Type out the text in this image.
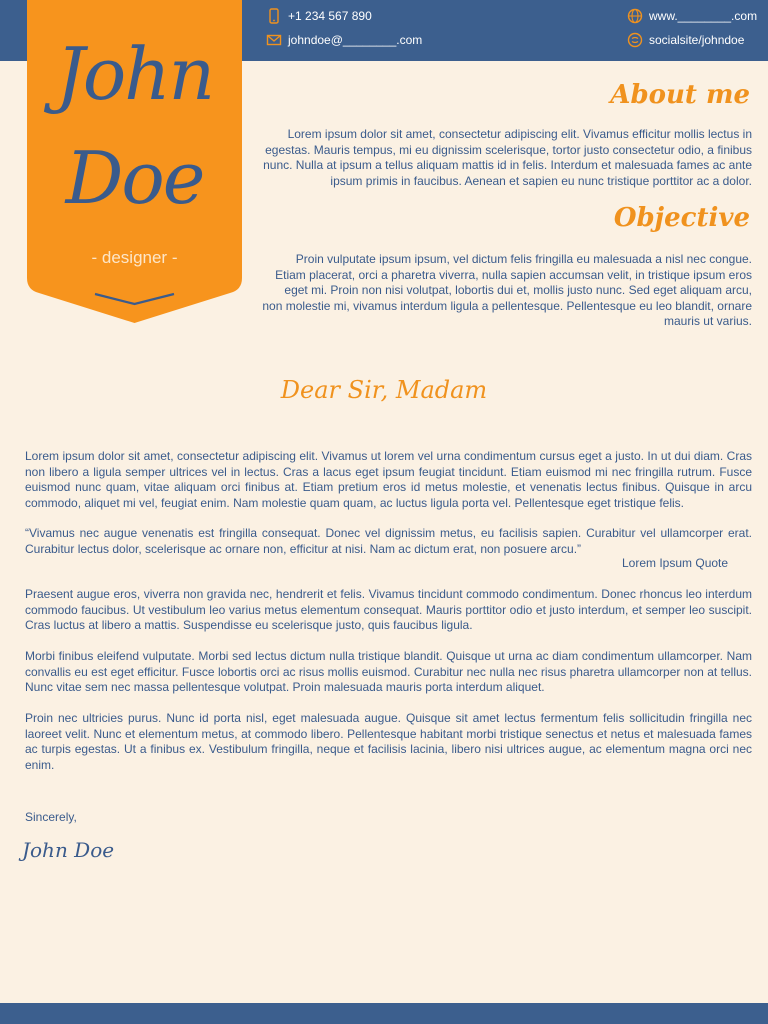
+1 234 567 890
johndoe@________.com
www.________.com
socialsite/johndoe
John
Doe
- designer -
About me
Lorem ipsum dolor sit amet, consectetur adipiscing elit. Vivamus efficitur mollis lectus in egestas. Mauris tempus, mi eu dignissim scelerisque, tortor justo consectetur odio, a finibus nunc. Nulla at ipsum a tellus aliquam mattis id in felis. Interdum et malesuada fames ac ante ipsum primis in faucibus. Aenean et sapien eu nunc tristique porttitor ac a dolor.
Objective
Proin vulputate ipsum ipsum, vel dictum felis fringilla eu malesuada a nisl nec congue. Etiam placerat, orci a pharetra viverra, nulla sapien accumsan velit, in tristique ipsum eros eget mi. Proin non nisi volutpat, lobortis dui et, mollis justo nunc. Sed eget aliquam arcu, non molestie mi, vivamus interdum ligula a pellentesque. Pellentesque eu leo blandit, ornare mauris ut varius.
Dear Sir, Madam
Lorem ipsum dolor sit amet, consectetur adipiscing elit. Vivamus ut lorem vel urna condimentum cursus eget a justo. In ut dui diam. Cras non libero a ligula semper ultrices vel in lectus. Cras a lacus eget ipsum feugiat tincidunt. Etiam euismod mi nec fringilla rutrum. Fusce euismod nunc quam, vitae aliquam orci finibus at. Etiam pretium eros id metus molestie, et venenatis lectus finibus. Quisque in arcu commodo, aliquet mi vel, feugiat enim. Nam molestie quam quam, ac luctus ligula porta vel. Pellentesque eget tristique felis.
“Vivamus nec augue venenatis est fringilla consequat. Donec vel dignissim metus, eu facilisis sapien. Curabitur vel ullamcorper erat. Curabitur lectus dolor, scelerisque ac ornare non, efficitur at nisi. Nam ac dictum erat, non posuere arcu.”
Lorem Ipsum Quote
Praesent augue eros, viverra non gravida nec, hendrerit et felis. Vivamus tincidunt commodo condimentum. Donec rhoncus leo interdum commodo faucibus. Ut vestibulum leo varius metus elementum consequat. Mauris porttitor odio et justo interdum, et semper leo suscipit. Cras luctus at libero a mattis. Suspendisse eu scelerisque justo, quis faucibus ligula.
Morbi finibus eleifend vulputate. Morbi sed lectus dictum nulla tristique blandit. Quisque ut urna ac diam condimentum ullamcorper. Nam convallis eu est eget efficitur. Fusce lobortis orci ac risus mollis euismod. Curabitur nec nulla nec risus pharetra ullamcorper non at tellus. Nunc vitae sem nec massa pellentesque volutpat. Proin malesuada mauris porta interdum aliquet.
Proin nec ultricies purus. Nunc id porta nisl, eget malesuada augue. Quisque sit amet lectus fermentum felis sollicitudin fringilla nec laoreet velit. Nunc et elementum metus, at commodo libero. Pellentesque habitant morbi tristique senectus et netus et malesuada fames ac turpis egestas. Ut a finibus ex. Vestibulum fringilla, neque et facilisis lacinia, libero nisi ultrices augue, ac elementum magna orci nec enim.
Sincerely,
John Doe
